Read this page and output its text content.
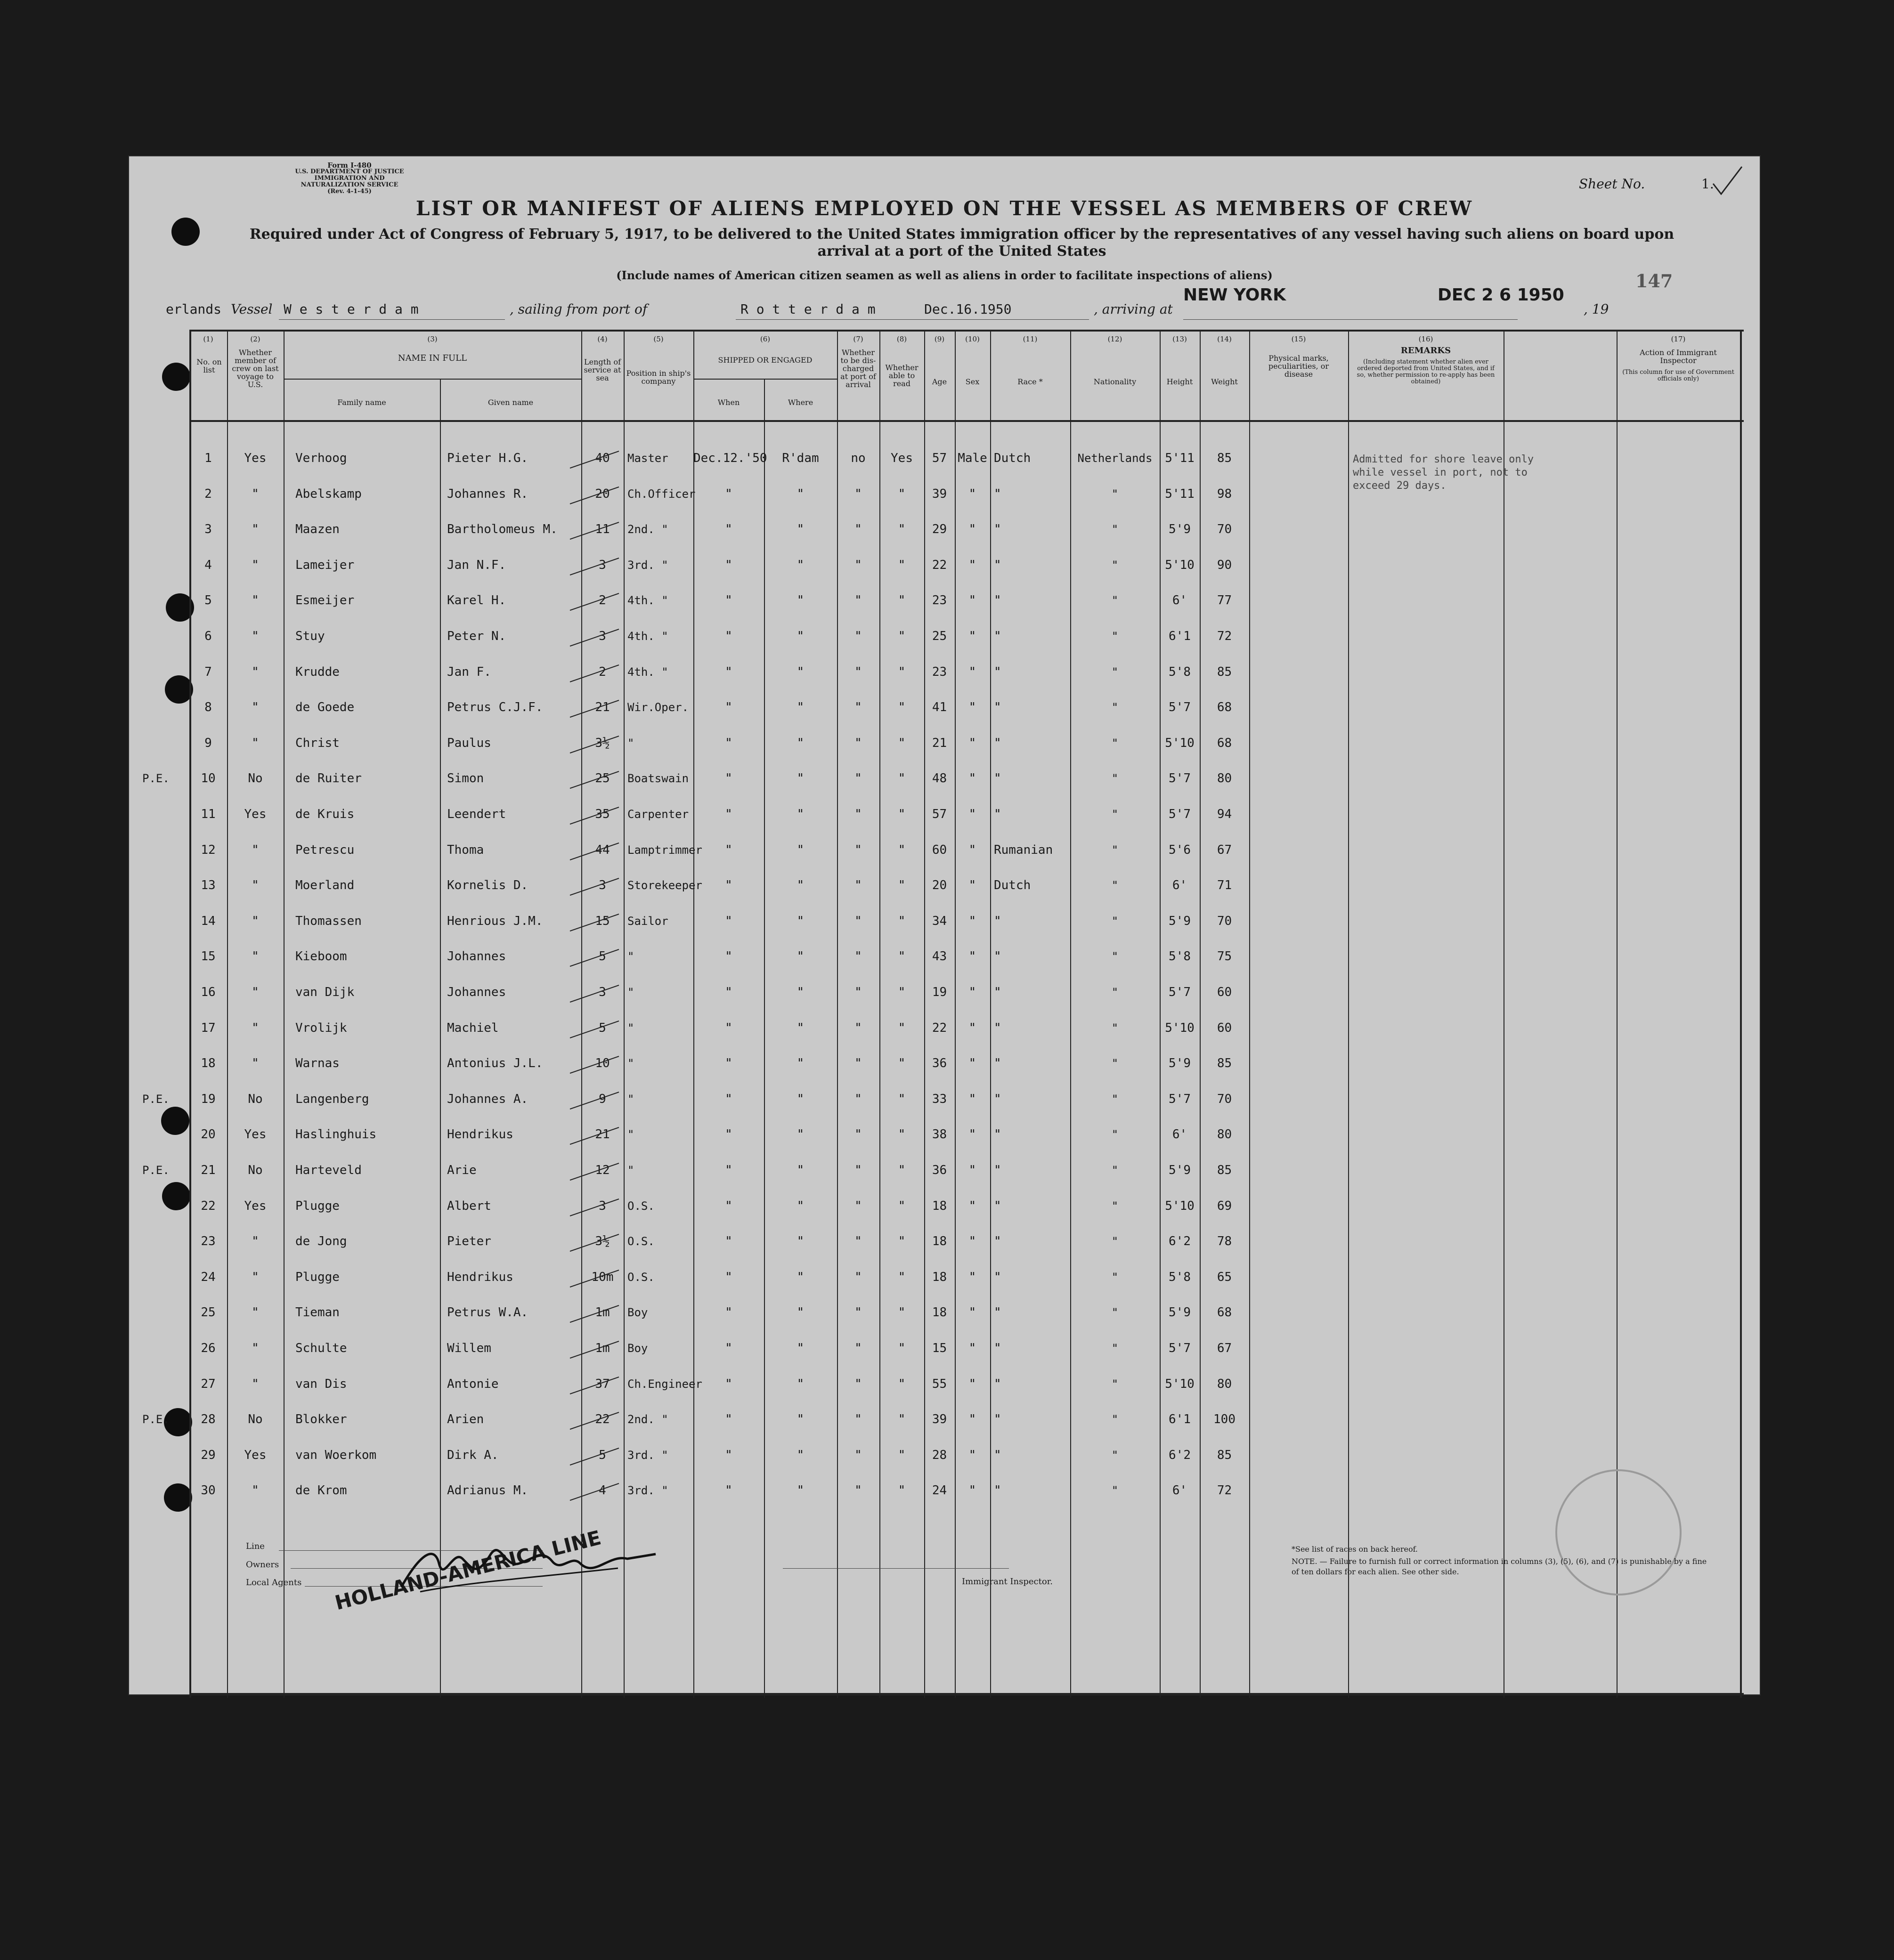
Form I-480
U.S. DEPARTMENT OF JUSTICE
IMMIGRATION AND NATURALIZATION SERVICE
(Rev. 4-1-45)
LIST OR MANIFEST OF ALIENS EMPLOYED ON THE VESSEL AS MEMBERS OF CREW
Required under Act of Congress of February 5, 1917, to be delivered to the United States immigration officer by the representatives of any vessel having such aliens on board upon arrival at a port of the United States
(Include names of American citizen seamen as well as aliens in order to facilitate inspections of aliens)
Sheet No.	1.
147
erlands Vessel W e s t e r d a m	, sailing from port of	R o t t e r d a m	Dec.16.1950	, arriving at
NEW YORK	DEC 2 6 1950
, 19
(1)
No. on list
(2)
Whether member of crew on last voyage to U.S.
(3)
NAME IN FULL
Family name	Given name
(4)
Length of service at sea
(5)
Position in ship's company
(6)
SHIPPED OR ENGAGED
When	Where
(7)
Whether to be dis-charged at port of arrival
(8)
Whether able to read
(9)
Age
(10)
Sex
(11)
Race *
(12)
Nationality
(13)
Height
(14)
Weight
(15)
Physical marks, peculiarities, or disease
(16)
REMARKS
(Including statement whether alien ever ordered deported from United States, and if so, whether permission to re-apply has been obtained)
(17)
Action of Immigrant Inspector
(This column for use of Government officials only)
1	Yes	Verhoog	Pieter H.G.	40	Master	Dec.12.'50	R'dam	no	Yes	57 Male Dutch	Netherlands	5'11	85
2	"	Abelskamp	Johannes R.	20	Ch.Officer	"	"	"	"	39	"	"	"	5'11	98
3	"	Maazen	Bartholomeus M.	11	2nd. "	"	"	"	"	29	"	"	"	5'9	70
4	"	Lameijer	Jan N.F.	3	3rd. "	"	"	"	"	22	"	"	"	5'10	90
5	"	Esmeijer	Karel H.	2	4th. "	"	"	"	"	23	"	"	"	6'	77
6	"	Stuy	Peter N.	3	4th. "	"	"	"	"	25	"	"	"	6'1	72
7	"	Krudde	Jan F.	2	4th. "	"	"	"	"	23	"	"	"	5'8	85
8	"	de Goede	Petrus C.J.F.	21	Wir.Oper.	"	"	"	"	41	"	"	"	5'7	68
9	"	Christ	Paulus	3½	"	"	"	"	"	21	"	"	"	5'10	68
10	No	de Ruiter	Simon	25	Boatswain	"	"	"	"	48	"	"	"	5'7	80
P.E.
11	Yes	de Kruis	Leendert	35	Carpenter	"	"	"	"	57	"	"	"	5'7	94
12	"	Petrescu	Thoma	44	Lamptrimmer	"	"	"	"	60	"	Rumanian	"	5'6	67
13	"	Moerland	Kornelis D.	3	Storekeeper	"	"	"	"	20	"	Dutch	"	6'	71
14	"	Thomassen	Henrious J.M.	15	Sailor	"	"	"	"	34	"	"	"	5'9	70
15	"	Kieboom	Johannes	5	"	"	"	"	"	43	"	"	"	5'8	75
16	"	van Dijk	Johannes	3	"	"	"	"	"	19	"	"	"	5'7	60
17	"	Vrolijk	Machiel	5	"	"	"	"	"	22	"	"	"	5'10	60
18	"	Warnas	Antonius J.L.	10	"	"	"	"	"	36	"	"	"	5'9	85
19	No	Langenberg	Johannes A.	9	"	"	"	"	"	33	"	"	"	5'7	70
P.E.
20	Yes	Haslinghuis	Hendrikus	21	"	"	"	"	"	38	"	"	"	6'	80
21	No	Harteveld	Arie	12	"	"	"	"	"	36	"	"	"	5'9	85
P.E.
22	Yes	Plugge	Albert	3	O.S.	"	"	"	"	18	"	"	"	5'10	69
23	"	de Jong	Pieter	3½	O.S.	"	"	"	"	18	"	"	"	6'2	78
24	"	Plugge	Hendrikus	10m	O.S.	"	"	"	"	18	"	"	"	5'8	65
25	"	Tieman	Petrus W.A.	1m	Boy	"	"	"	"	18	"	"	"	5'9	68
26	"	Schulte	Willem	1m	Boy	"	"	"	"	15	"	"	"	5'7	67
27	"	van Dis	Antonie	37	Ch.Engineer	"	"	"	"	55	"	"	"	5'10	80
28	No	Blokker	Arien	22	2nd. "	"	"	"	"	39	"	"	"	6'1	100
P.E.
29	Yes	van Woerkom	Dirk A.	5	3rd. "	"	"	"	"	28	"	"	"	6'2	85
30	"	de Krom	Adrianus M.	4	3rd. "	"	"	"	"	24	"	"	"	6'	72
Admitted for shore leave only
while vessel in port, not to
exceed 29 days.
Line
Owners
Local Agents HOLLAND-AMERICA LINE	Immigrant Inspector.
*See list of races on back hereof.
NOTE. — Failure to furnish full or correct information in columns (3), (5), (6), and (7) is punishable by a fine of ten dollars for each alien. See other side.
